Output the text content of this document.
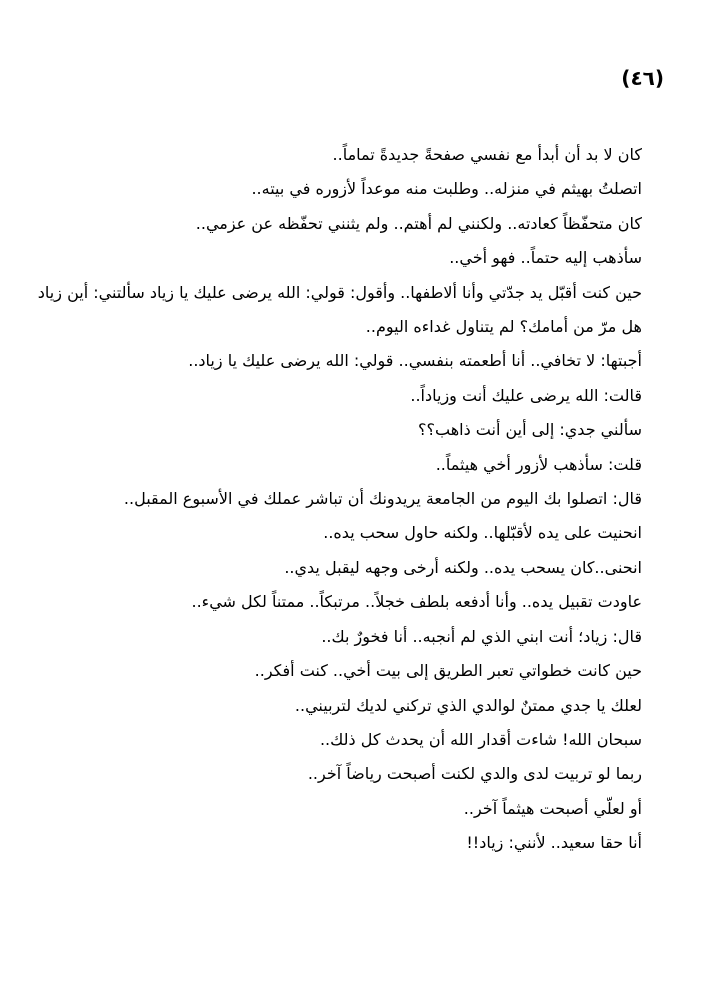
(٤٦)

كان لا بد أن أبدأ مع نفسي صفحةً جديدةً تماماً..

اتصلتُ بهيثم في منزله.. وطلبت منه موعداً لأزوره في بيته..

كان متحفّظاً كعادته.. ولكنني لم أهتم.. ولم يثنني تحفّظه عن عزمي..

سأذهب إليه حتماً.. فهو أخي..

حين كنت أقبّل يد جدّتي وأنا ألاطفها.. وأقول: قولي: الله يرضى عليك يا زياد سألتني: أين زياد هل مرّ من أمامك؟ لم يتناول غداءه اليوم..

أجبتها: لا تخافي.. أنا أطعمته بنفسي.. قولي: الله يرضى عليك يا زياد..

قالت: الله يرضى عليك أنت وزياداً..

سألني جدي: إلى أين أنت ذاهب؟؟

قلت: سأذهب لأزور أخي هيثماً..

قال: اتصلوا بك اليوم من الجامعة يريدونك أن تباشر عملك في الأسبوع المقبل..

انحنيت على يده لأقبّلها.. ولكنه حاول سحب يده..

انحنى..كان يسحب يده.. ولكنه أرخى وجهه ليقبل يدي..

عاودت تقبيل يده.. وأنا أدفعه بلطف خجلاً.. مرتبكاً.. ممتناً لكل شيء..

قال: زياد؛ أنت ابني الذي لم أنجبه.. أنا فخورٌ بك..

حين كانت خطواتي تعبر الطريق إلى بيت أخي.. كنت أفكر..

لعلك يا جدي ممتنٌ لوالدي الذي تركني لديك لتربيني..

سبحان الله! شاءت أقدار الله أن يحدث كل ذلك..

ربما لو تربيت لدى والدي لكنت أصبحت رياضاً آخر..

أو لعلّي أصبحت هيثماً آخر..

أنا حقا سعيد.. لأنني: زياد!!
